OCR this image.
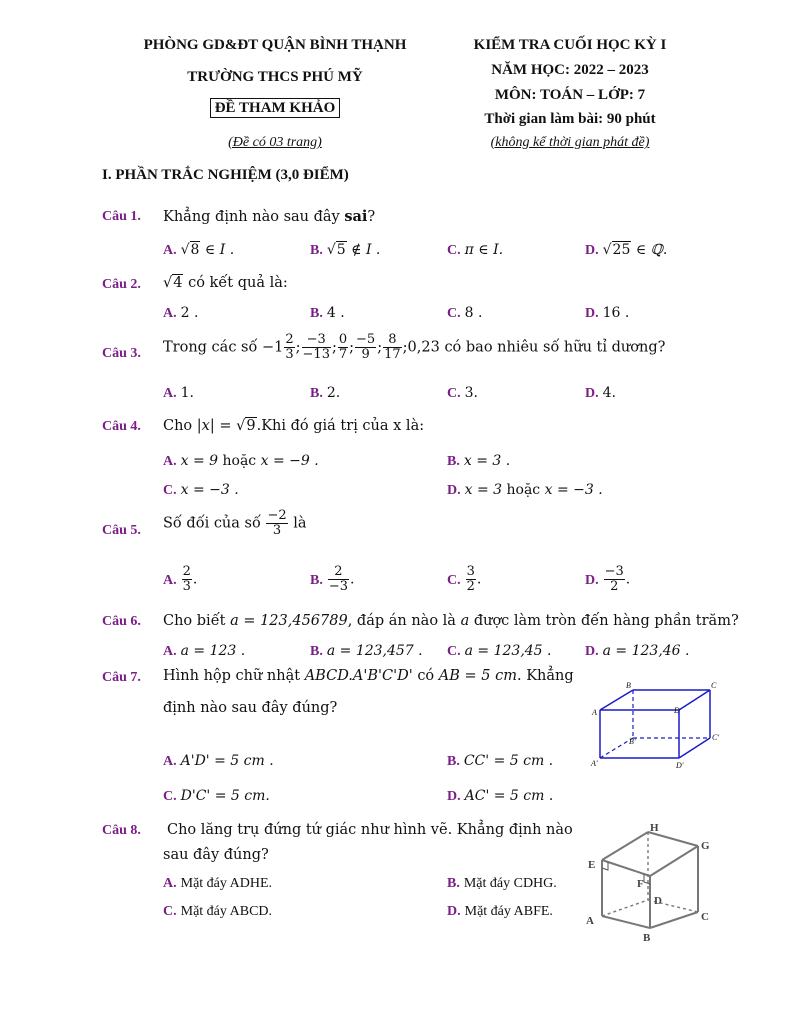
PHÒNG GD&ĐT QUẬN BÌNH THẠNH
TRƯỜNG THCS PHÚ MỸ
ĐỀ THAM KHẢO
(Đề có 03 trang)
KIỂM TRA CUỐI HỌC KỲ I
NĂM HỌC: 2022 – 2023
MÔN: TOÁN – LỚP: 7
Thời gian làm bài: 90 phút
(không kể thời gian phát đề)
I. PHẦN TRẮC NGHIỆM (3,0 ĐIỂM)
Câu 1. Khẳng định nào sau đây sai?
A. √8 ∈ I .	B. √5 ∉ I .	C. π ∈ I.	D. √25 ∈ ℚ.
Câu 2. √4 có kết quả là:
A. 2 .	B. 4 .	C. 8 .	D. 16 .
Câu 3. Trong các số $-1 \frac{2}{3}$ ; $\frac{-3}{-13}$ ; $\frac{0}{7}$ ; $\frac{-5}{9}$ ; $\frac{8}{17}$ ;0,23 có bao nhiêu số hữu tỉ dương?
A. 1.	B. 2.	C. 3.	D. 4.
Câu 4. Cho |x| = √9.Khi đó giá trị của x là:
A. x = 9 hoặc x = −9 .	B. x = 3 .
C. x = −3 .	D. x = 3 hoặc x = −3 .
Câu 5. Số đối của số $\frac{-2}{3}$ là
A. $\frac{2}{3}$ .	B. $\frac{2}{-3}$ .	C. $\frac{3}{2}$ .	D. $\frac{-3}{2}$ .
Câu 6. Cho biết a = 123,456789, đáp án nào là a được làm tròn đến hàng phần trăm?
A. a = 123 .	B. a = 123,457 . C. a = 123,45 . D. a = 123,46 .
Câu 7. Hình hộp chữ nhật ABCD.A'B'C'D' có AB = 5 cm. Khẳng
định nào sau đây đúng?
B	C
A	D
B'	C'
A'	D'
A. A'D' = 5 cm .	B. CC' = 5 cm .
C. D'C' = 5 cm.	D. AC' = 5 cm .
Câu 8. Cho lăng trụ đứng tứ giác như hình vẽ. Khẳng định nào
sau đây đúng?
A. Mặt đáy ADHE.	B. Mặt đáy CDHG.
C. Mặt đáy ABCD.	D. Mặt đáy ABFE.
H
G
E
F
D
A	C
B
